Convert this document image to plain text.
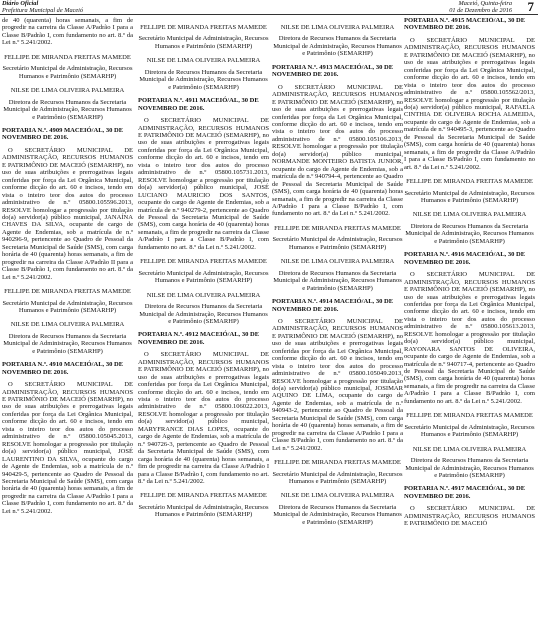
Diário Oficial
Prefeitura Municipal de Maceió
Maceió, Quinta-feira
01 de Dezembro de 2016 7

de 40 (quarenta) horas semanais, a fim de progredir na carreira da Classe A/Padrão I para a Classe B/Padrão I, com fundamento no art. 8.º da Lei n.º 5.241/2002.

FELLIPE DE MIRANDA FREITAS MAMEDE

Secretário Municipal de Administração, Recursos Humanos e Patrimônio (SEMARHP)

NILSE DE LIMA OLIVEIRA PALMEIRA

Diretora de Recursos Humanos da Secretaria Municipal de Administração, Recursos Humanos e Patrimônio (SEMARHP)

PORTARIA N.º. 4909 MACEIÓ/AL, 30 DE NOVEMBRO DE 2016.

O SECRETÁRIO MUNICIPAL DE ADMINISTRAÇÃO, RECURSOS HUMANOS E PATRIMÔNIO DE MACEIÓ (SEMARHP), no uso de suas atribuições e prerrogativas legais conferidas por força da Lei Orgânica Municipal, conforme dicção do art. 60 e incisos, tendo em vista o inteiro teor dos autos do processo administrativo de n.º 05800.105596.2013, RESOLVE homologar a progressão por titulação do(a) servidor(a) público municipal, JANAÍNA CHAVES DA SILVA, ocupante de cargo de Agente de Endemias, sob a matrícula de n.º 940296-9, pertencente ao Quadro de Pessoal da Secretaria Municipal de Saúde (SMS), com carga horária de 40 (quarenta) horas semanais, a fim de progredir na carreira da Classe A/Padrão II para a Classe B/Padrão I, com fundamento no art. 8.º da Lei n.º 5.241/2002.

FELLIPE DE MIRANDA FREITAS MAMEDE

Secretário Municipal de Administração, Recursos Humanos e Patrimônio (SEMARHP)

NILSE DE LIMA OLIVEIRA PALMEIRA

Diretora de Recursos Humanos da Secretaria Municipal de Administração, Recursos Humanos e Patrimônio (SEMARHP)

PORTARIA N.º. 4910 MACEIÓ/AL, 30 DE NOVEMBRO DE 2016.

O SECRETÁRIO MUNICIPAL DE ADMINISTRAÇÃO, RECURSOS HUMANOS E PATRIMÔNIO DE MACEIÓ (SEMARHP), no uso de suas atribuições e prerrogativas legais conferidas por força da Lei Orgânica Municipal, conforme dicção do art. 60 e incisos, tendo em vista o inteiro teor dos autos do processo administrativo de n.º 05800.105045.2013, RESOLVE homologar a progressão por titulação do(a) servidor(a) público municipal, JOSÉ LAURENTINO DA SILVA, ocupante do cargo de Agente de Endemias, sob a matrícula de n.º 940429-5, pertencente ao Quadro de Pessoal da Secretaria Municipal de Saúde (SMS), com carga horária de 40 (quarenta) horas semanais, a fim de progredir na carreira da Classe A/Padrão I para a Classe B/Padrão I, com fundamento no art. 8.º da Lei n.º 5.241/2002.

FELLIPE DE MIRANDA FREITAS MAMEDE

Secretário Municipal de Administração, Recursos Humanos e Patrimônio (SEMARHP)

NILSE DE LIMA OLIVEIRA PALMEIRA

Diretora de Recursos Humanos da Secretaria Municipal de Administração, Recursos Humanos e Patrimônio (SEMARHP)

PORTARIA N.º. 4911 MACEIÓ/AL, 30 DE NOVEMBRO DE 2016.

O SECRETÁRIO MUNICIPAL DE ADMINISTRAÇÃO, RECURSOS HUMANOS E PATRIMÔNIO DE MACEIÓ (SEMARHP), no uso de suas atribuições e prerrogativas legais conferidas por força da Lei Orgânica Municipal, conforme dicção do art. 60 e incisos, tendo em vista o inteiro teor dos autos do processo administrativo de n.º 05800.105731.2013, RESOLVE homologar a progressão por titulação do(a) servidor(a) público municipal, JOSÉ LUCIANO MAURICIO DOS SANTOS, ocupante do cargo de Agente de Endemias, sob a matrícula de n.º 940279-2, pertencente ao Quadro de Pessoal da Secretaria Municipal de Saúde (SMS), com carga horária de 40 (quarenta) horas semanais, a fim de progredir na carreira da Classe A/Padrão I para a Classe B/Padrão I, com fundamento no art. 8.º da Lei n.º 5.241/2002.

FELLIPE DE MIRANDA FREITAS MAMEDE

Secretário Municipal de Administração, Recursos Humanos e Patrimônio (SEMARHP)

NILSE DE LIMA OLIVEIRA PALMEIRA

Diretora de Recursos Humanos da Secretaria Municipal de Administração, Recursos Humanos e Patrimônio (SEMARHP)

PORTARIA N.º. 4912 MACEIÓ/AL, 30 DE NOVEMBRO DE 2016.

O SECRETÁRIO MUNICIPAL DE ADMINISTRAÇÃO, RECURSOS HUMANOS E PATRIMÔNIO DE MACEIÓ (SEMARHP), no uso de suas atribuições e prerrogativas legais conferidas por força da Lei Orgânica Municipal, conforme dicção do art. 60 e incisos, tendo em vista o inteiro teor dos autos do processo administrativo de n.º 05800.106022.2013, RESOLVE homologar a progressão por titulação do(a) servidor(a) público municipal, MARYFRANCE DIAS LOPES, ocupante do cargo de Agente de Endemias, sob a matrícula de n.º 940726-3, pertencente ao Quadro de Pessoal da Secretaria Municipal de Saúde (SMS), com carga horária de 40 (quarenta) horas semanais, a fim de progredir na carreira da Classe A/Padrão I para a Classe B/Padrão I, com fundamento no art. 8.º da Lei n.º 5.241/2002.

FELLIPE DE MIRANDA FREITAS MAMEDE

Secretário Municipal de Administração, Recursos Humanos e Patrimônio (SEMARHP)

NILSE DE LIMA OLIVEIRA PALMEIRA

Diretora de Recursos Humanos da Secretaria Municipal de Administração, Recursos Humanos e Patrimônio (SEMARHP)

PORTARIA N.º. 4913 MACEIÓ/AL, 30 DE NOVEMBRO DE 2016.

O SECRETÁRIO MUNICIPAL DE ADMINISTRAÇÃO, RECURSOS HUMANOS E PATRIMÔNIO DE MACEIÓ (SEMARHP), no uso de suas atribuições e prerrogativas legais conferidas por força da Lei Orgânica Municipal, conforme dicção do art. 60 e incisos, tendo em vista o inteiro teor dos autos do processo administrativo de n.º 05800.105106.2013, RESOLVE homologar a progressão por titulação do(a) servidor(a) público municipal, NORMANDE MONTEIRO BATISTA JUNIOR, ocupante do cargo de Agente de Endemias, sob a matrícula de n.º 940794-4, pertencente ao Quadro de Pessoal da Secretaria Municipal de Saúde (SMS), com carga horária de 40 (quarenta) horas semanais, a fim de progredir na carreira da Classe A/Padrão I para a Classe B/Padrão I, com fundamento no art. 8.º da Lei n.º 5.241/2002.

FELLIPE DE MIRANDA FREITAS MAMEDE

Secretário Municipal de Administração, Recursos Humanos e Patrimônio (SEMARHP)

NILSE DE LIMA OLIVEIRA PALMEIRA

Diretora de Recursos Humanos da Secretaria Municipal de Administração, Recursos Humanos e Patrimônio (SEMARHP)

PORTARIA N.º. 4914 MACEIÓ/AL, 30 DE NOVEMBRO DE 2016.

O SECRETÁRIO MUNICIPAL DE ADMINISTRAÇÃO, RECURSOS HUMANOS E PATRIMÔNIO DE MACEIÓ (SEMARHP), no uso de suas atribuições e prerrogativas legais conferidas por força da Lei Orgânica Municipal, conforme dicção do art. 60 e incisos, tendo em vista o inteiro teor dos autos do processo administrativo de n.º 05800.105049.2013, RESOLVE homologar a progressão por titulação do(a) servidor(a) público municipal, JOSIMAR AQUINO DE LIMA, ocupante do cargo de Agente de Endemias, sob a matrícula de n.º 940943-2, pertencente ao Quadro de Pessoal da Secretaria Municipal de Saúde (SMS), com carga horária de 40 (quarenta) horas semanais, a fim de progredir na carreira da Classe A/Padrão I para a Classe B/Padrão I, com fundamento no art. 8.º da Lei n.º 5.241/2002.

FELLIPE DE MIRANDA FREITAS MAMEDE

Secretário Municipal de Administração, Recursos Humanos e Patrimônio (SEMARHP)

NILSE DE LIMA OLIVEIRA PALMEIRA

Diretora de Recursos Humanos da Secretaria Municipal de Administração, Recursos Humanos e Patrimônio (SEMARHP)

PORTARIA N.º. 4915 MACEIÓ/AL, 30 DE NOVEMBRO DE 2016.

O SECRETÁRIO MUNICIPAL DE ADMINISTRAÇÃO, RECURSOS HUMANOS E PATRIMÔNIO DE MACEIÓ (SEMARHP), no uso de suas atribuições e prerrogativas legais conferidas por força da Lei Orgânica Municipal, conforme dicção do art. 60 e incisos, tendo em vista o inteiro teor dos autos do processo administrativo de n.º 05800.105562/2013, RESOLVE homologar a progressão por titulação do(a) servidor(a) público municipal, RAFAELA CINTHIA DE OLIVEIRA ROCHA ALMEIDA, ocupante do cargo de Agente de Endemias, sob a matrícula de n.º 940495-3, pertencente ao Quadro de Pessoal da Secretaria Municipal de Saúde (SMS), com carga horária de 40 (quarenta) horas semanais, a fim de progredir da Classe A/Padrão I para a Classe B/Padrão I, com fundamento no art. 8.º da Lei n.º 5.241/2002.

FELLIPE DE MIRANDA FREITAS MAMEDE

Secretário Municipal de Administração, Recursos Humanos e Patrimônio (SEMARHP)

NILSE DE LIMA OLIVEIRA PALMEIRA

Diretora de Recursos Humanos da Secretaria Municipal de Administração, Recursos Humanos e Patrimônio (SEMARHP)

PORTARIA N.º. 4916 MACEIÓ/AL, 30 DE NOVEMBRO DE 2016.

O SECRETÁRIO MUNICIPAL DE ADMINISTRAÇÃO, RECURSOS HUMANOS E PATRIMÔNIO DE MACEIÓ (SEMARHP), no uso de suas atribuições e prerrogativas legais conferidas por força da Lei Orgânica Municipal, conforme dicção do art. 60 e incisos, tendo em vista o inteiro teor dos autos do processo administrativo de n.º 05800.105613.2013, RESOLVE homologar a progressão por titulação do(a) servidor(a) público municipal, RAYONARA SANTOS DE OLIVEIRA, ocupante do cargo de Agente de Endemias, sob a matrícula de n.º 940717-4, pertencente ao Quadro de Pessoal da Secretaria Municipal de Saúde (SMS), com carga horária de 40 (quarenta) horas semanais, a fim de progredir na carreira da Classe A/Padrão I para a Classe B/Padrão I, com fundamento no art. 8.º da Lei n.º 5.241/2002.

FELLIPE DE MIRANDA FREITAS MAMEDE

Secretário Municipal de Administração, Recursos Humanos e Patrimônio (SEMARHP)

NILSE DE LIMA OLIVEIRA PALMEIRA

Diretora de Recursos Humanos da Secretaria Municipal de Administração, Recursos Humanos e Patrimônio (SEMARHP)

PORTARIA N.º. 4917 MACEIÓ/AL, 30 DE NOVEMBRO DE 2016.

O SECRETÁRIO MUNICIPAL DE ADMINISTRAÇÃO, RECURSOS HUMANOS E PATRIMÔNIO DE MACEIÓ
